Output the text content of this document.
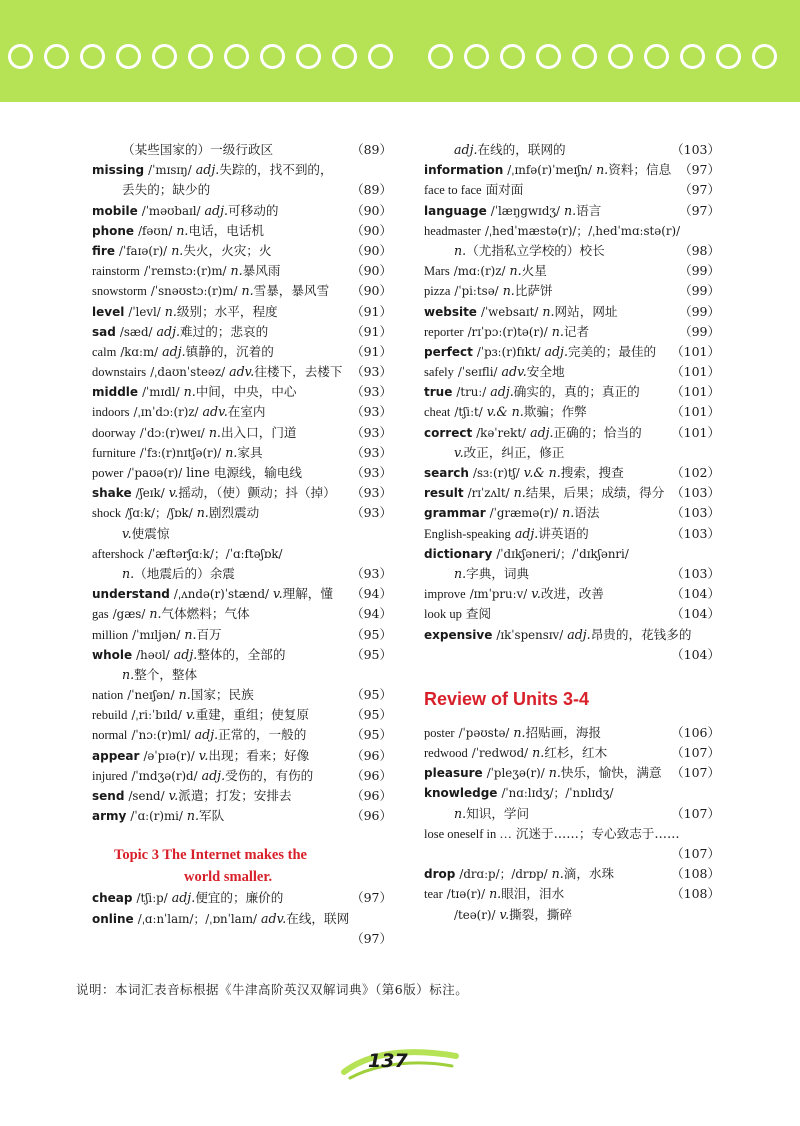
（某些国家的）一级行政区	（89）
missing /ˈmɪsɪŋ/ adj.失踪的，找不到的，
丢失的；缺少的	（89）
mobile /ˈməʊbaɪl/ adj.可移动的	（90）
phone /fəʊn/ n.电话，电话机	（90）
fire /ˈfaɪə(r)/ n.失火，火灾；火	（90）
rainstorm /ˈreɪnstɔː(r)m/ n.暴风雨	（90）
snowstorm /ˈsnəʊstɔː(r)m/ n.雪暴，暴风雪 （90）
level /ˈlevl/ n.级别；水平，程度	（91）
sad /sæd/ adj.难过的；悲哀的	（91）
calm /kɑːm/ adj.镇静的，沉着的	（91）
downstairs /ˌdaʊnˈsteəz/ adv.往楼下，去楼下 （93）
middle /ˈmɪdl/ n.中间，中央，中心	（93）
indoors /ˌɪnˈdɔː(r)z/ adv.在室内	（93）
doorway /ˈdɔː(r)weɪ/ n.出入口，门道	（93）
furniture /ˈfɜː(r)nɪtʃə(r)/ n.家具	（93）
power /ˈpaʊə(r)/ line 电源线，输电线	（93）
shake /ʃeɪk/ v.摇动，（使）颤动；抖（掉） （93）
shock /ʃɑːk/；/ʃɒk/ n.剧烈震动	（93）
v.使震惊
aftershock /ˈæftərʃɑːk/；/ˈɑːftəʃɒk/
n.（地震后的）余震	（93）
understand /ˌʌndə(r)ˈstænd/ v.理解，懂 （94）
gas /gæs/ n.气体燃料；气体	（94）
million /ˈmɪljən/ n.百万	（95）
whole /həʊl/ adj.整体的，全部的	（95）
n.整个，整体
nation /ˈneɪʃən/ n.国家；民族	（95）
rebuild /ˌriːˈbɪld/ v.重建，重组；使复原	（95）
normal /ˈnɔː(r)ml/ adj.正常的，一般的	（95）
appear /əˈpɪə(r)/ v.出现；看来；好像	（96）
injured /ˈɪndʒə(r)d/ adj.受伤的，有伤的	（96）
send /send/ v.派遣；打发；安排去	（96）
army /ˈɑː(r)mi/ n.军队	（96）
Topic 3 The Internet makes the
world smaller.
cheap /tʃiːp/ adj.便宜的；廉价的	（97）
online /ˌɑːnˈlaɪn/；/ˌɒnˈlaɪn/ adv.在线，联网
（97）
adj.在线的，联网的	（103）
information /ˌɪnfə(r)ˈmeɪʃn/ n.资料；信息 （97）
face to face 面对面	（97）
language /ˈlæŋgwɪdʒ/ n.语言	（97）
headmaster /ˌhedˈmæstə(r)/；/ˌhedˈmɑːstə(r)/
n.（尤指私立学校的）校长	（98）
Mars /mɑː(r)z/ n.火星	（99）
pizza /ˈpiːtsə/ n.比萨饼	（99）
website /ˈwebsaɪt/ n.网站，网址	（99）
reporter /rɪˈpɔː(r)tə(r)/ n.记者	（99）
perfect /ˈpɜː(r)fɪkt/ adj.完美的；最佳的 （101）
safely /ˈseɪfli/ adv.安全地	（101）
true /truː/ adj.确实的，真的；真正的	（101）
cheat /tʃiːt/ v.& n.欺骗；作弊	（101）
correct /kəˈrekt/ adj.正确的；恰当的 （101）
v.改正，纠正，修正
search /sɜː(r)tʃ/ v.& n.搜索，搜查	（102）
result /rɪˈzʌlt/ n.结果，后果；成绩，得分 （103）
grammar /ˈgræmə(r)/ n.语法	（103）
English-speaking adj.讲英语的	（103）
dictionary /ˈdɪkʃəneri/；/ˈdɪkʃənri/
n.字典，词典	（103）
improve /ɪmˈpruːv/ v.改进，改善	（104）
look up 查阅	（104）
expensive /ɪkˈspensɪv/ adj.昂贵的，花钱多的
（104）
Review of Units 3-4
poster /ˈpəʊstə/ n.招贴画，海报	（106）
redwood /ˈredwʊd/ n.红杉，红木	（107）
pleasure /ˈpleʒə(r)/ n.快乐，愉快，满意 （107）
knowledge /ˈnɑːlɪdʒ/；/ˈnɒlɪdʒ/
n.知识，学问	（107）
lose oneself in … 沉迷于……；专心致志于……
（107）
drop /drɑːp/；/drɒp/ n.滴，水珠	（108）
tear /tɪə(r)/ n.眼泪，泪水	（108）
/teə(r)/ v.撕裂，撕碎
说明：本词汇表音标根据《牛津高阶英汉双解词典》（第6版）标注。
137
